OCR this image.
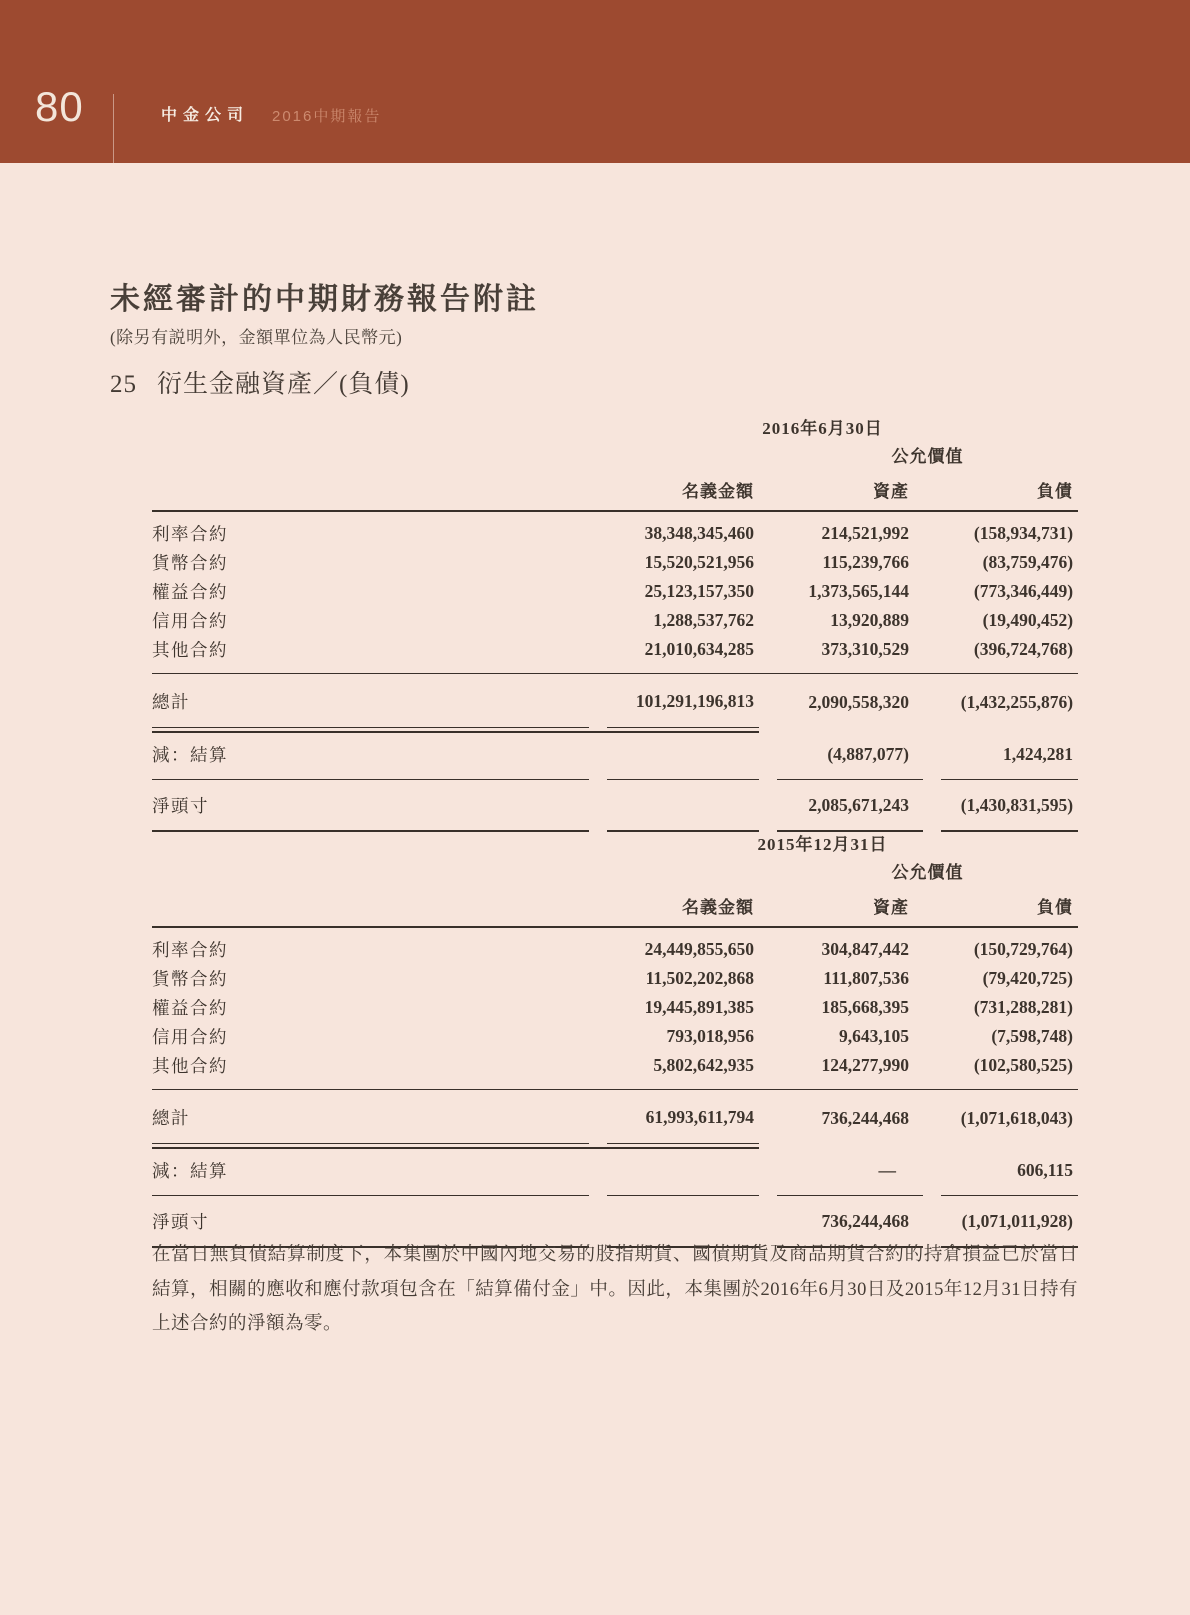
80	中金公司 2016中期報告
未經審計的中期財務報告附註
(除另有説明外，金額單位為人民幣元)
25 衍生金融資產／(負債)
		2016年6月30日				
				公允價值		
		名義金額		資產		負債
利率合約		38,348,345,460		214,521,992		(158,934,731)
貨幣合約		15,520,521,956		115,239,766		(83,759,476)
權益合約		25,123,157,350		1,373,565,144		(773,346,449)
信用合約		1,288,537,762		13,920,889		(19,490,452)
其他合約		21,010,634,285		373,310,529		(396,724,768)
總計		101,291,196,813		2,090,558,320		(1,432,255,876)
減：結算				(4,887,077)		1,424,281
淨頭寸				2,085,671,243		(1,430,831,595)
		2015年12月31日				
				公允價值		
		名義金額		資產		負債
利率合約		24,449,855,650		304,847,442		(150,729,764)
貨幣合約		11,502,202,868		111,807,536		(79,420,725)
權益合約		19,445,891,385		185,668,395		(731,288,281)
信用合約		793,018,956		9,643,105		(7,598,748)
其他合約		5,802,642,935		124,277,990		(102,580,525)
總計		61,993,611,794		736,244,468		(1,071,618,043)
減：結算				—		606,115
淨頭寸				736,244,468		(1,071,011,928)
在當日無負債結算制度下，本集團於中國內地交易的股指期貨、國債期貨及商品期貨合約的持倉損益已於當日結算，相關的應收和應付款項包含在「結算備付金」中。因此，本集團於2016年6月30日及2015年12月31日持有上述合約的淨額為零。
